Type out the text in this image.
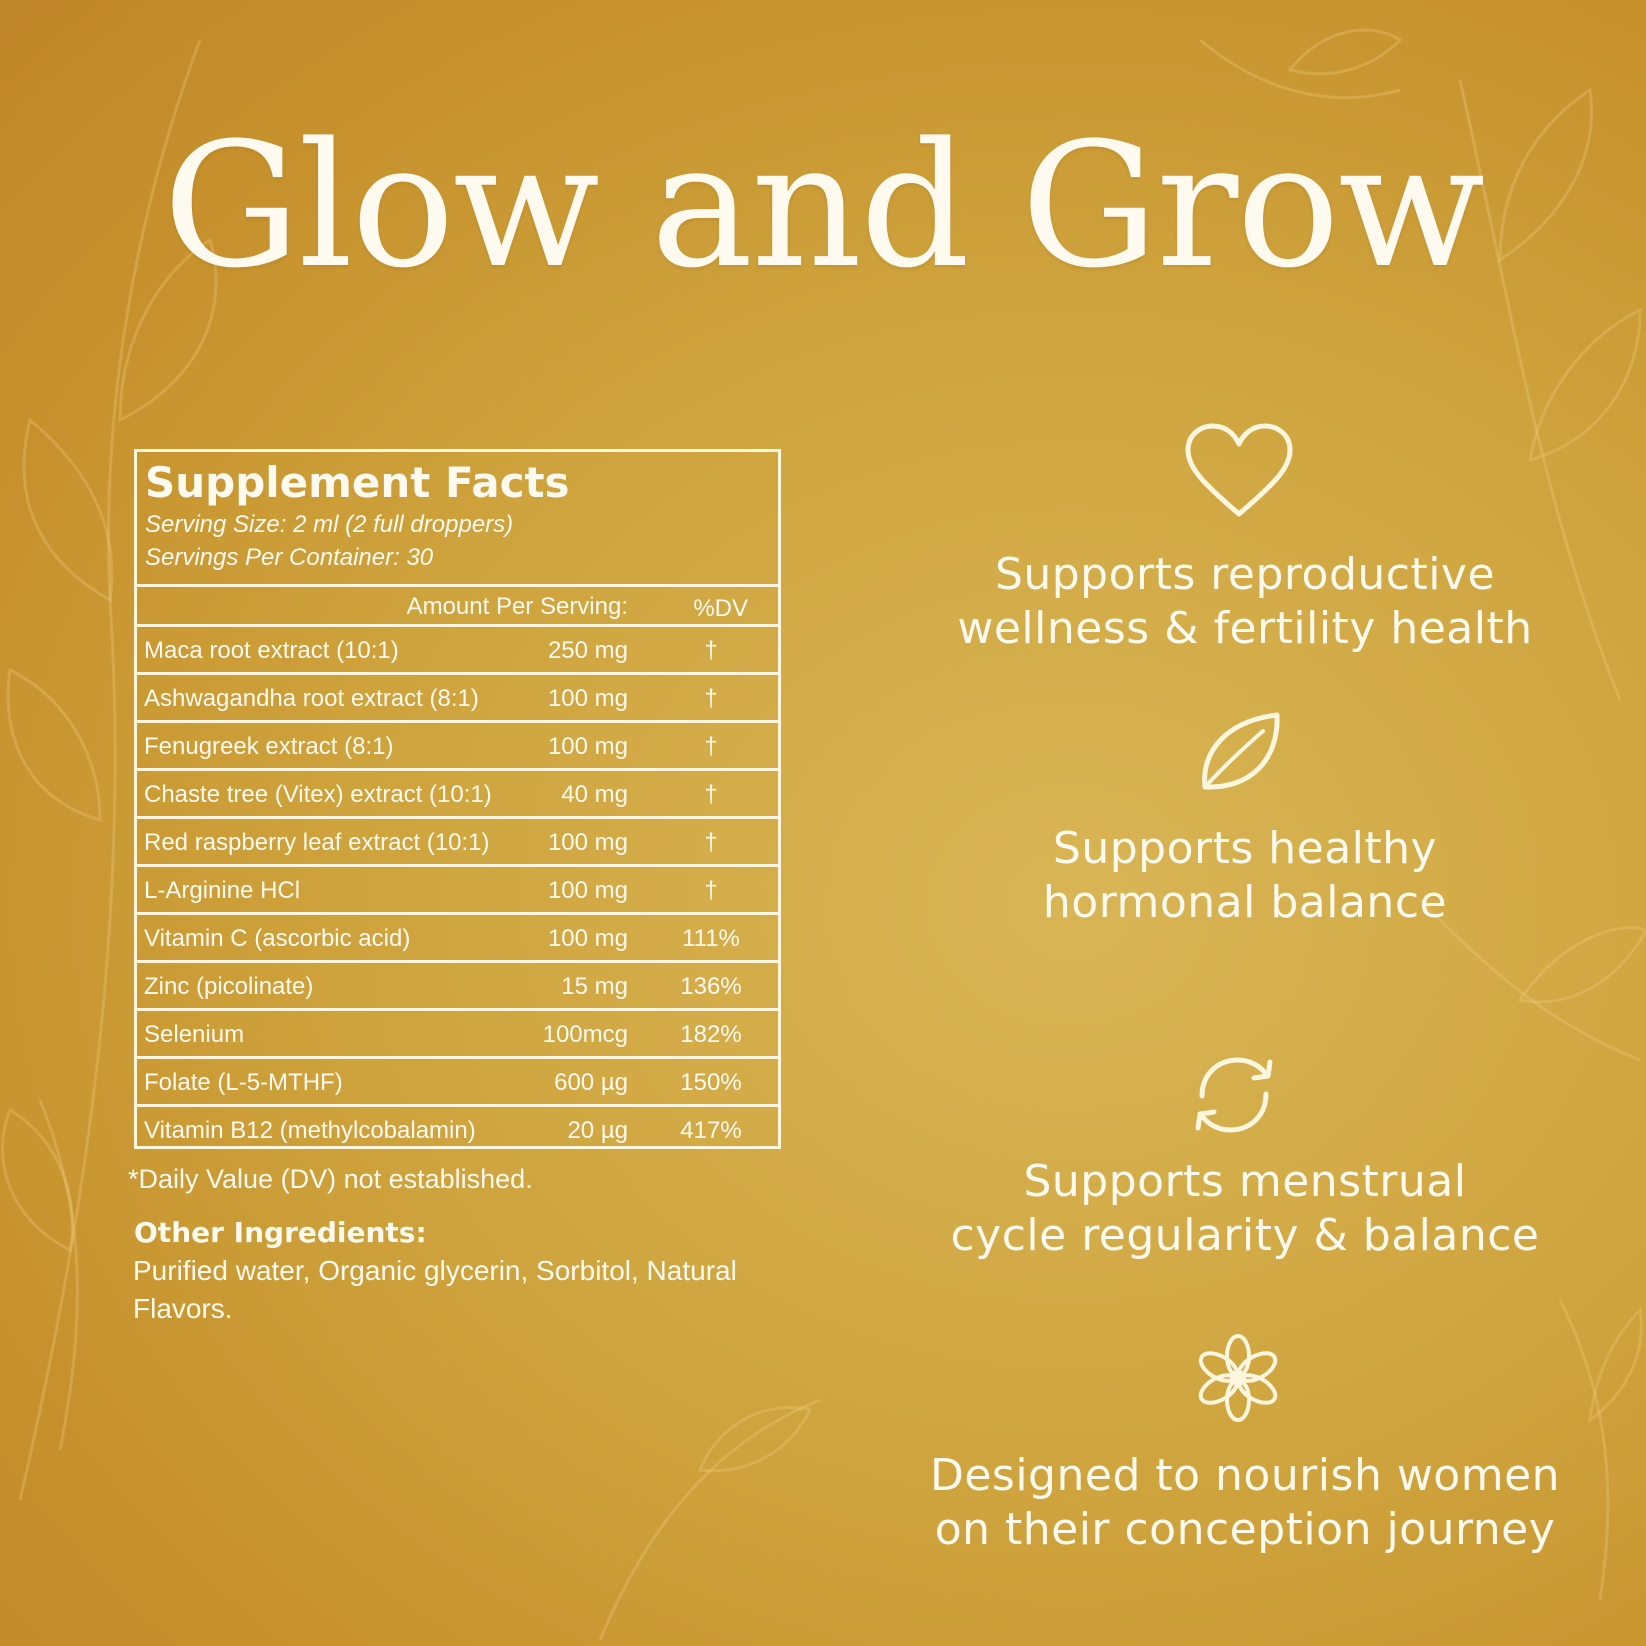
Glow and Grow
Supplement Facts
Serving Size: 2 ml (2 full droppers)
Servings Per Container: 30
Amount Per Serving:	%DV
Maca root extract (10:1)	250 mg	†
Ashwagandha root extract (8:1)	100 mg	†
Fenugreek extract (8:1)	100 mg	†
Chaste tree (Vitex) extract (10:1)	40 mg	†
Red raspberry leaf extract (10:1) 100 mg	†
L-Arginine HCl	100 mg	†
Vitamin C (ascorbic acid)	100 mg	111%
Zinc (picolinate)	15 mg	136%
Selenium	100mcg	182%
Folate (L-5-MTHF)	600 µg	150%
Vitamin B12 (methylcobalamin)	20 µg	417%
*Daily Value (DV) not established.
Other Ingredients:
Purified water, Organic glycerin, Sorbitol, Natural Flavors.
Supports reproductive
wellness & fertility health
Supports healthy
hormonal balance
Supports menstrual
cycle regularity & balance
Designed to nourish women
on their conception journey
